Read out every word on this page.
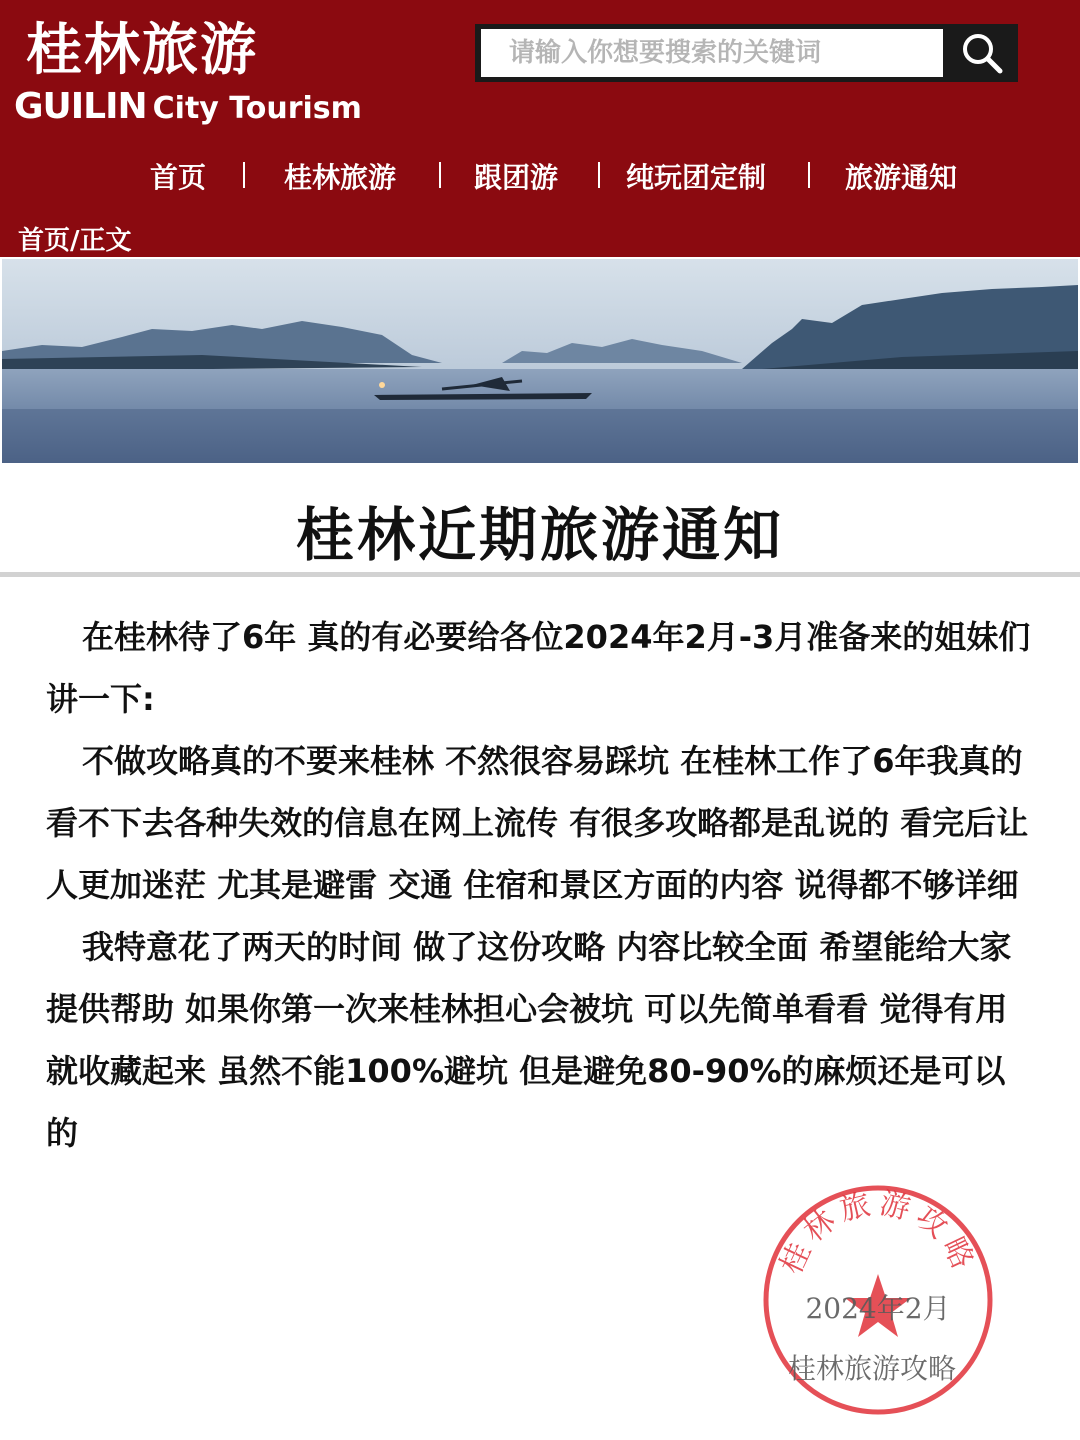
桂林旅游
GUILIN City Tourism
请输入你想要搜索的关键词
首页	桂林旅游	跟团游 纯玩团定制	旅游通知
首页/正文
桂林近期旅游通知

在桂林待了6年 真的有必要给各位2024年2月-3月准备来的姐妹们讲一下:

不做攻略真的不要来桂林 不然很容易踩坑 在桂林工作了6年我真的看不下去各种失效的信息在网上流传 有很多攻略都是乱说的 看完后让人更加迷茫 尤其是避雷 交通 住宿和景区方面的内容 说得都不够详细

我特意花了两天的时间 做了这份攻略 内容比较全面 希望能给大家提供帮助 如果你第一次来桂林担心会被坑 可以先简单看看 觉得有用就收藏起来 虽然不能100%避坑 但是避免80-90%的麻烦还是可以的

桂林旅游攻略
2024年2月
桂林旅游攻略
